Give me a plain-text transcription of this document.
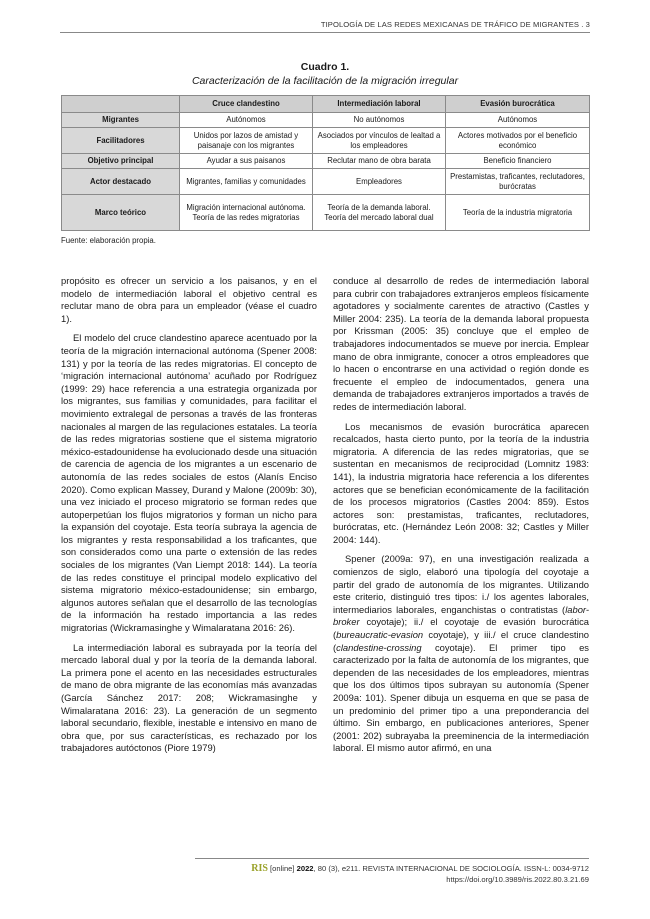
TIPOLOGÍA DE LAS REDES MEXICANAS DE TRÁFICO DE MIGRANTES . 3
Cuadro 1.
Caracterización de la facilitación de la migración irregular
	Cruce clandestino	Intermediación laboral	Evasión burocrática
Migrantes	Autónomos	No autónomos	Autónomos
Facilitadores	Unidos por lazos de amistad y paisanaje con los migrantes	Asociados por vínculos de lealtad a los empleadores	Actores motivados por el beneficio económico
Objetivo principal	Ayudar a sus paisanos	Reclutar mano de obra barata	Beneficio financiero
Actor destacado	Migrantes, familias y comunidades	Empleadores	Prestamistas, traficantes, reclutadores, burócratas
Marco teórico	Migración internacional autónoma. Teoría de las redes migratorias	Teoría de la demanda laboral. Teoría del mercado laboral dual	Teoría de la industria migratoria
Fuente: elaboración propia.

propósito es ofrecer un servicio a los paisanos, y en el modelo de intermediación laboral el objetivo central es reclutar mano de obra para un empleador (véase el cuadro 1).

El modelo del cruce clandestino aparece acentuado por la teoría de la migración internacional autónoma (Spener 2008: 131) y por la teoría de las redes migratorias. El concepto de ‘migración internacional autónoma’ acuñado por Rodríguez (1999: 29) hace referencia a una estrategia organizada por los migrantes, sus familias y comunidades, para facilitar el movimiento extralegal de personas a través de las fronteras nacionales al margen de las regulaciones estatales. La teoría de las redes migratorias sostiene que el sistema migratorio méxico-estadounidense ha evolucionado desde una situación de carencia de agencia de los migrantes a un escenario de autonomía de las redes sociales de estos (Alanís Enciso 2020). Como explican Massey, Durand y Malone (2009b: 30), una vez iniciado el proceso migratorio se forman redes que autoperpetúan los flujos migratorios y forman un nicho para la expansión del coyotaje. Esta teoría subraya la agencia de los migrantes y resta responsabilidad a los traficantes, que son considerados como una parte o extensión de las redes sociales de los migrantes (Van Liempt 2018: 144). La teoría de las redes constituye el principal modelo explicativo del sistema migratorio méxico-estadounidense; sin embargo, algunos autores señalan que el desarrollo de las tecnologías de la información ha restado importancia a las redes migratorias (Wickramasinghe y Wimalaratana 2016: 26).

La intermediación laboral es subrayada por la teoría del mercado laboral dual y por la teoría de la demanda laboral. La primera pone el acento en las necesidades estructurales de mano de obra migrante de las economías más avanzadas (García Sánchez 2017: 208; Wickramasinghe y Wimalaratana 2016: 23). La generación de un segmento laboral secundario, flexible, inestable e intensivo en mano de obra que, por sus características, es rechazado por los trabajadores autóctonos (Piore 1979)

conduce al desarrollo de redes de intermediación laboral para cubrir con trabajadores extranjeros empleos físicamente agotadores y socialmente carentes de atractivo (Castles y Miller 2004: 235). La teoría de la demanda laboral propuesta por Krissman (2005: 35) concluye que el empleo de trabajadores indocumentados se mueve por inercia. Emplear mano de obra inmigrante, conocer a otros empleadores que lo hacen o encontrarse en una actividad o región donde es frecuente el empleo de indocumentados, genera una demanda de trabajadores extranjeros importados a través de redes de intermediación laboral.

Los mecanismos de evasión burocrática aparecen recalcados, hasta cierto punto, por la teoría de la industria migratoria. A diferencia de las redes migratorias, que se sustentan en mecanismos de reciprocidad (Lomnitz 1983: 141), la industria migratoria hace referencia a los diferentes actores que se benefician económicamente de la facilitación de los procesos migratorios (Castles 2004: 859). Estos actores son: prestamistas, traficantes, reclutadores, burócratas, etc. (Hernández León 2008: 32; Castles y Miller 2004: 144).

Spener (2009a: 97), en una investigación realizada a comienzos de siglo, elaboró una tipología del coyotaje a partir del grado de autonomía de los migrantes. Utilizando este criterio, distinguió tres tipos: i./ los agentes laborales, intermediarios laborales, enganchistas o contratistas (labor-broker coyotaje); ii./ el coyotaje de evasión burocrática (bureaucratic-evasion coyotaje), y iii./ el cruce clandestino (clandestine-crossing coyotaje). El primer tipo es caracterizado por la falta de autonomía de los migrantes, que dependen de las necesidades de los empleadores, mientras que los dos últimos tipos subrayan su autonomía (Spener 2009a: 101). Spener dibuja un esquema en que se pasa de un predominio del primer tipo a una preponderancia del último. Sin embargo, en publicaciones anteriores, Spener (2001: 202) subrayaba la preeminencia de la intermediación laboral. El mismo autor afirmó, en una

RIS [online] 2022, 80 (3), e211. REVISTA INTERNACIONAL DE SOCIOLOGÍA. ISSN-L: 0034-9712
https://doi.org/10.3989/ris.2022.80.3.21.69
